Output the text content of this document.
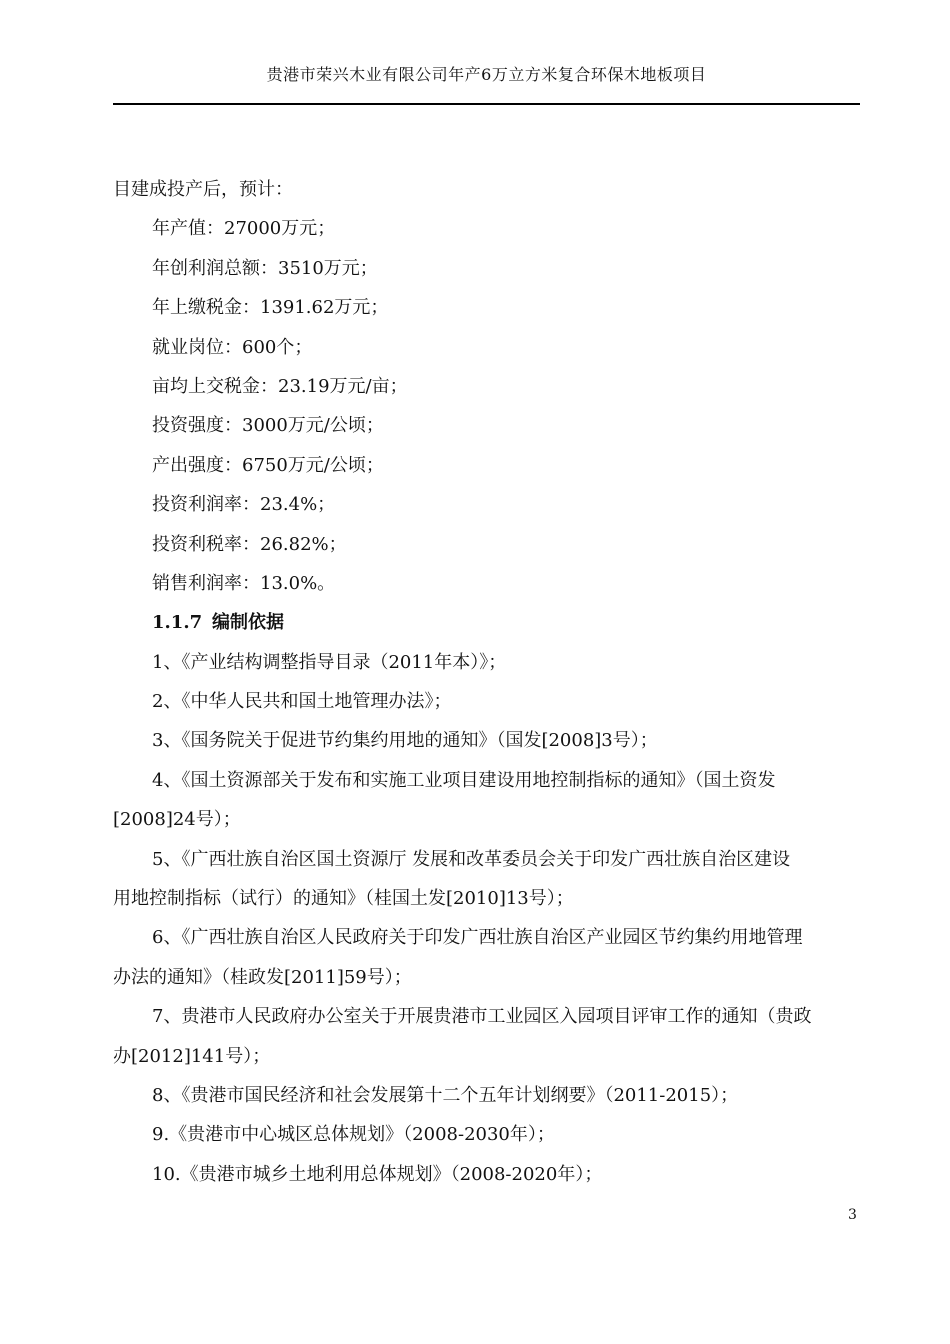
贵港市荣兴木业有限公司年产6万立方米复合环保木地板项目
目建成投产后，预计：
年产值：27000万元；
年创利润总额：3510万元；
年上缴税金：1391.62万元；
就业岗位：600个；
亩均上交税金：23.19万元/亩；
投资强度：3000万元/公顷；
产出强度：6750万元/公顷；
投资利润率：23.4%；
投资利税率：26.82%；
销售利润率：13.0%。
1.1.7 编制依据
1、《产业结构调整指导目录（2011年本）》；
2、《中华人民共和国土地管理办法》；
3、《国务院关于促进节约集约用地的通知》（国发[2008]3号）；
4、《国土资源部关于发布和实施工业项目建设用地控制指标的通知》（国土资发
[2008]24号）；
5、《广西壮族自治区国土资源厅 发展和改革委员会关于印发广西壮族自治区建设
用地控制指标（试行）的通知》（桂国土发[2010]13号）；
6、《广西壮族自治区人民政府关于印发广西壮族自治区产业园区节约集约用地管理
办法的通知》（桂政发[2011]59号）；
7、贵港市人民政府办公室关于开展贵港市工业园区入园项目评审工作的通知（贵政
办[2012]141号）；
8、《贵港市国民经济和社会发展第十二个五年计划纲要》（2011-2015）；
9.《贵港市中心城区总体规划》（2008-2030年）；
10.《贵港市城乡土地利用总体规划》（2008-2020年）；
3
